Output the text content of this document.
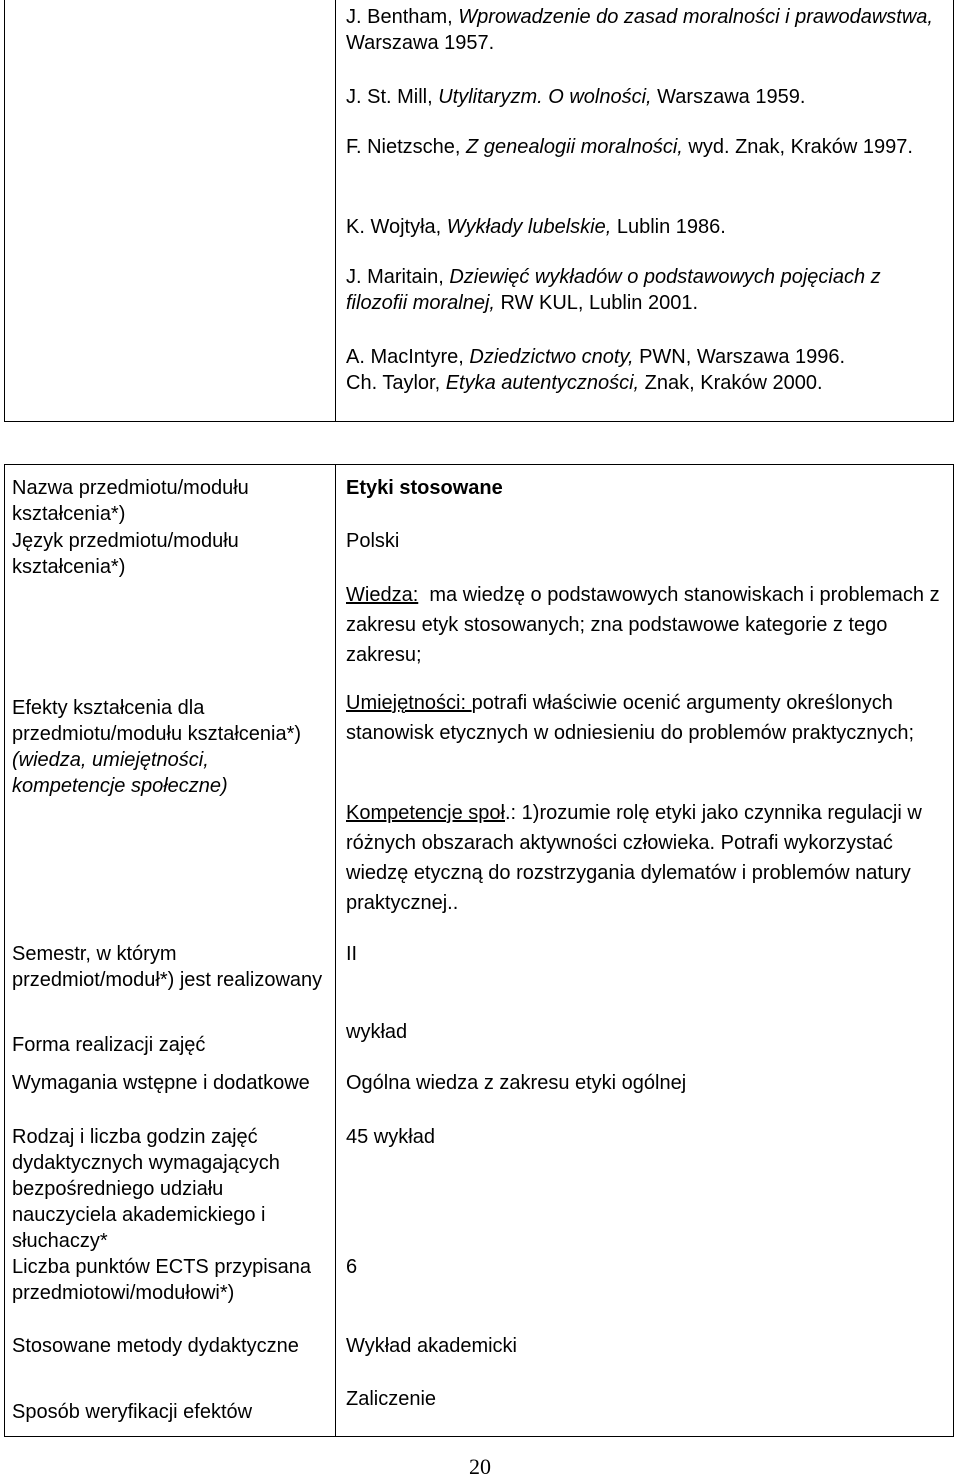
J. Bentham, Wprowadzenie do zasad moralności i prawodawstwa, Warszawa 1957.
J. St. Mill, Utylitaryzm. O wolności, Warszawa 1959.
F. Nietzsche, Z genealogii moralności, wyd. Znak, Kraków 1997.
K. Wojtyła, Wykłady lubelskie, Lublin 1986.
J. Maritain, Dziewięć wykładów o podstawowych pojęciach z filozofii moralnej, RW KUL, Lublin 2001.
A. MacIntyre, Dziedzictwo cnoty, PWN, Warszawa 1996.
Ch. Taylor, Etyka autentyczności, Znak, Kraków 2000.
Nazwa przedmiotu/modułu kształcenia*)
Język przedmiotu/modułu kształcenia*)
Efekty kształcenia dla przedmiotu/modułu kształcenia*)
(wiedza, umiejętności, kompetencje społeczne)
Semestr, w którym przedmiot/moduł*) jest realizowany
Forma realizacji zajęć
Wymagania wstępne i dodatkowe
Rodzaj i liczba godzin zajęć dydaktycznych wymagających bezpośredniego udziału nauczyciela akademickiego i słuchaczy*
Liczba punktów ECTS przypisana przedmiotowi/modułowi*)
Stosowane metody dydaktyczne
Sposób weryfikacji efektów
Etyki stosowane
Polski
Wiedza:  ma wiedzę o podstawowych stanowiskach i problemach z zakresu etyk stosowanych; zna podstawowe kategorie z tego zakresu;
Umiejętności: potrafi właściwie ocenić argumenty określonych stanowisk etycznych w odniesieniu do problemów praktycznych;
Kompetencje społ.: 1)rozumie rolę etyki jako czynnika regulacji w różnych obszarach aktywności człowieka. Potrafi wykorzystać wiedzę etyczną do rozstrzygania dylematów i problemów natury praktycznej..
II
wykład
Ogólna wiedza z zakresu etyki ogólnej
45 wykład
6
Wykład akademicki
Zaliczenie
20
